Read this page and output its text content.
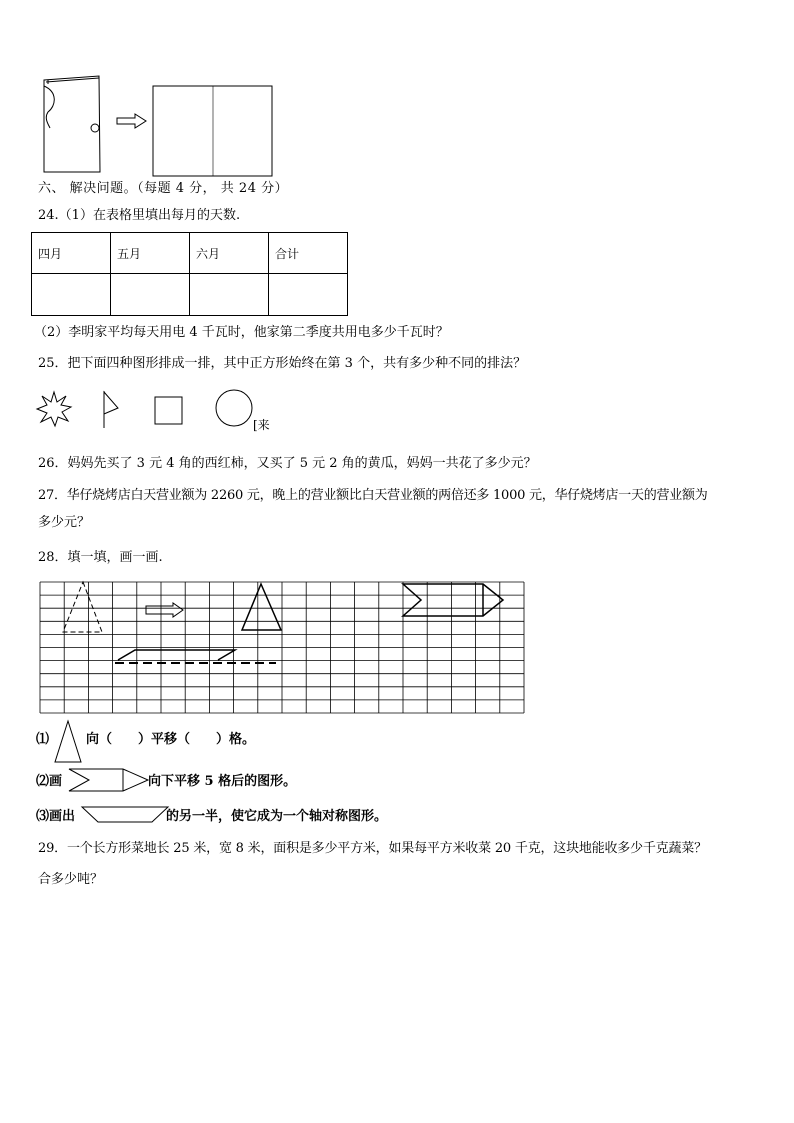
六、 解决问题。（每题 4 分， 共 24 分）
24.（1）在表格里填出每月的天数.
四月	五月	六月	合计

（2）李明家平均每天用电 4 千瓦时，他家第二季度共用电多少千瓦时？
25．把下面四种图形排成一排，其中正方形始终在第 3 个，共有多少种不同的排法？
[来
26．妈妈先买了 3 元 4 角的西红柿，又买了 5 元 2 角的黄瓜，妈妈一共花了多少元？
27．华仔烧烤店白天营业额为 2260 元，晚上的营业额比白天营业额的两倍还多 1000 元，华仔烧烤店一天的营业额为
多少元？
28．填一填，画一画.
⑴	向（　　）平移（　　）格。
⑵画	向下平移 5 格后的图形。
⑶画出	的另一半，使它成为一个轴对称图形。
29．一个长方形菜地长 25 米，宽 8 米，面积是多少平方米，如果每平方米收菜 20 千克，这块地能收多少千克蔬菜？
合多少吨？
